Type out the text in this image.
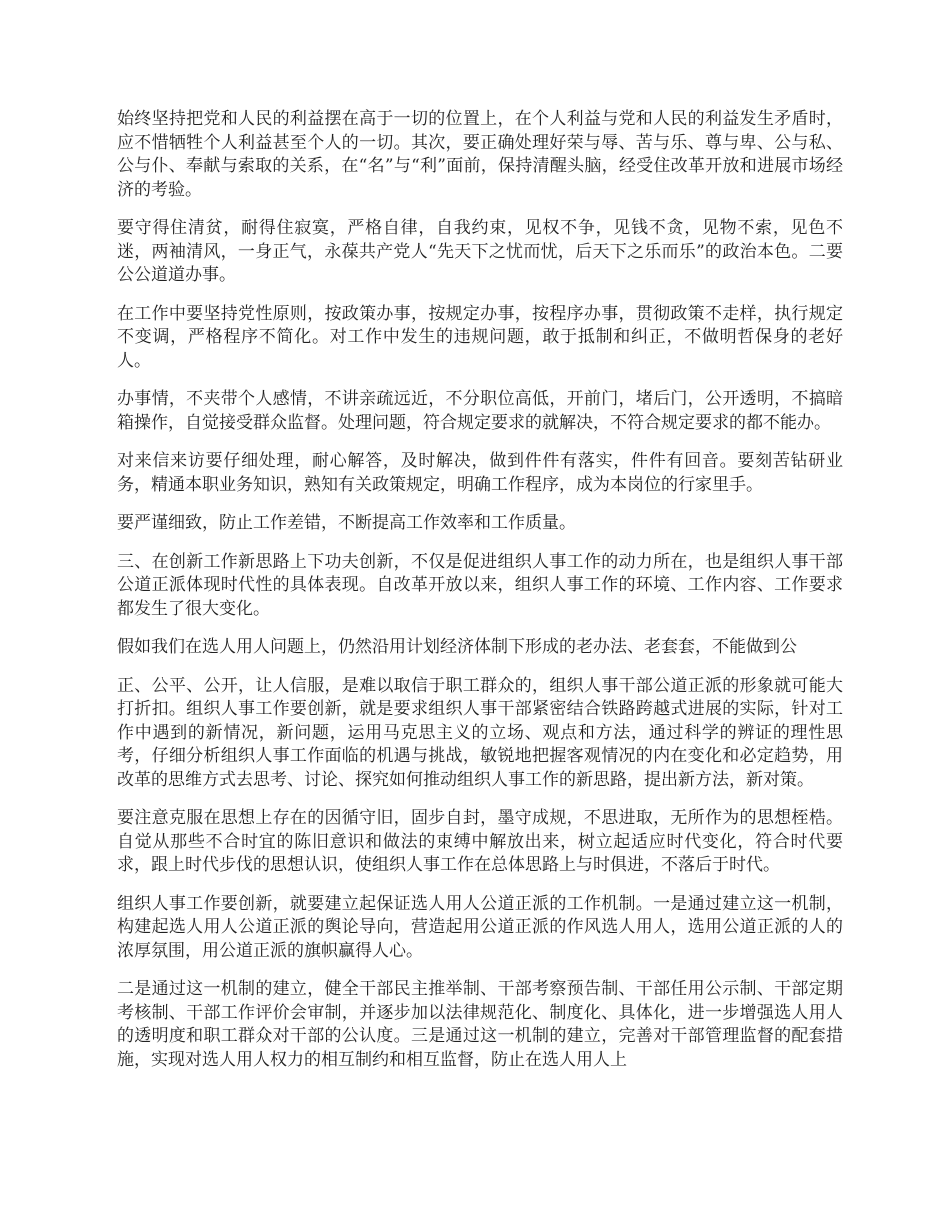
始终坚持把党和人民的利益摆在高于一切的位置上，在个人利益与党和人民的利益发生矛盾时，应不惜牺牲个人利益甚至个人的一切。其次，要正确处理好荣与辱、苦与乐、尊与卑、公与私、公与仆、奉献与索取的关系，在“名”与“利”面前，保持清醒头脑，经受住改革开放和进展市场经济的考验。

要守得住清贫，耐得住寂寞，严格自律，自我约束，见权不争，见钱不贪，见物不索，见色不迷，两袖清风，一身正气，永葆共产党人“先天下之忧而忧，后天下之乐而乐”的政治本色。二要公公道道办事。

在工作中要坚持党性原则，按政策办事，按规定办事，按程序办事，贯彻政策不走样，执行规定不变调，严格程序不简化。对工作中发生的违规问题，敢于抵制和纠正，不做明哲保身的老好人。

办事情，不夹带个人感情，不讲亲疏远近，不分职位高低，开前门，堵后门，公开透明，不搞暗箱操作，自觉接受群众监督。处理问题，符合规定要求的就解决，不符合规定要求的都不能办。

对来信来访要仔细处理，耐心解答，及时解决，做到件件有落实，件件有回音。要刻苦钻研业务，精通本职业务知识，熟知有关政策规定，明确工作程序，成为本岗位的行家里手。

要严谨细致，防止工作差错，不断提高工作效率和工作质量。

三、在创新工作新思路上下功夫创新，不仅是促进组织人事工作的动力所在，也是组织人事干部公道正派体现时代性的具体表现。自改革开放以来，组织人事工作的环境、工作内容、工作要求都发生了很大变化。

假如我们在选人用人问题上，仍然沿用计划经济体制下形成的老办法、老套套，不能做到公

正、公平、公开，让人信服，是难以取信于职工群众的，组织人事干部公道正派的形象就可能大打折扣。组织人事工作要创新，就是要求组织人事干部紧密结合铁路跨越式进展的实际，针对工作中遇到的新情况，新问题，运用马克思主义的立场、观点和方法，通过科学的辨证的理性思考，仔细分析组织人事工作面临的机遇与挑战，敏锐地把握客观情况的内在变化和必定趋势，用改革的思维方式去思考、讨论、探究如何推动组织人事工作的新思路，提出新方法，新对策。

要注意克服在思想上存在的因循守旧，固步自封，墨守成规，不思进取，无所作为的思想桎梏。自觉从那些不合时宜的陈旧意识和做法的束缚中解放出来，树立起适应时代变化，符合时代要求，跟上时代步伐的思想认识，使组织人事工作在总体思路上与时俱进，不落后于时代。

组织人事工作要创新，就要建立起保证选人用人公道正派的工作机制。一是通过建立这一机制，构建起选人用人公道正派的舆论导向，营造起用公道正派的作风选人用人，选用公道正派的人的浓厚氛围，用公道正派的旗帜赢得人心。

二是通过这一机制的建立，健全干部民主推举制、干部考察预告制、干部任用公示制、干部定期考核制、干部工作评价会审制，并逐步加以法律规范化、制度化、具体化，进一步增强选人用人的透明度和职工群众对干部的公认度。三是通过这一机制的建立，完善对干部管理监督的配套措施，实现对选人用人权力的相互制约和相互监督，防止在选人用人上
